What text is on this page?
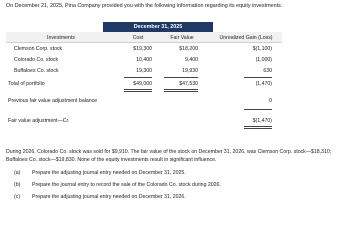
On December 21, 2025, Pina Company provided you with the following information regarding its equity investments.
December 31, 2025
Investments	Cost	Fair Value	Unrealized Gain (Loss)
Clemson Corp. stock	$19,300	$18,200	$(1,100)
Colorado Co. stock	10,400	9,400	(1,000)
Buffaloes Co. stock	19,300	19,930	630
Total of portfolio	$49,000	$47,530	(1,470)
Previous fair value adjustment balance	0
Fair value adjustment—Cr.	$(1,470)
During 2026, Colorado Co. stock was sold for $9,910. The fair value of the stock on December 31, 2026, was Clemson Corp. stock—$18,310; Buffaloes Co. stock—$19,830. None of the equity investments result in significant influence.
(a) Prepare the adjusting journal entry needed on December 31, 2025.
(b) Prepare the journal entry to record the sale of the Colorado Co. stock during 2026.
(c) Prepare the adjusting journal entry needed on December 31, 2026.
